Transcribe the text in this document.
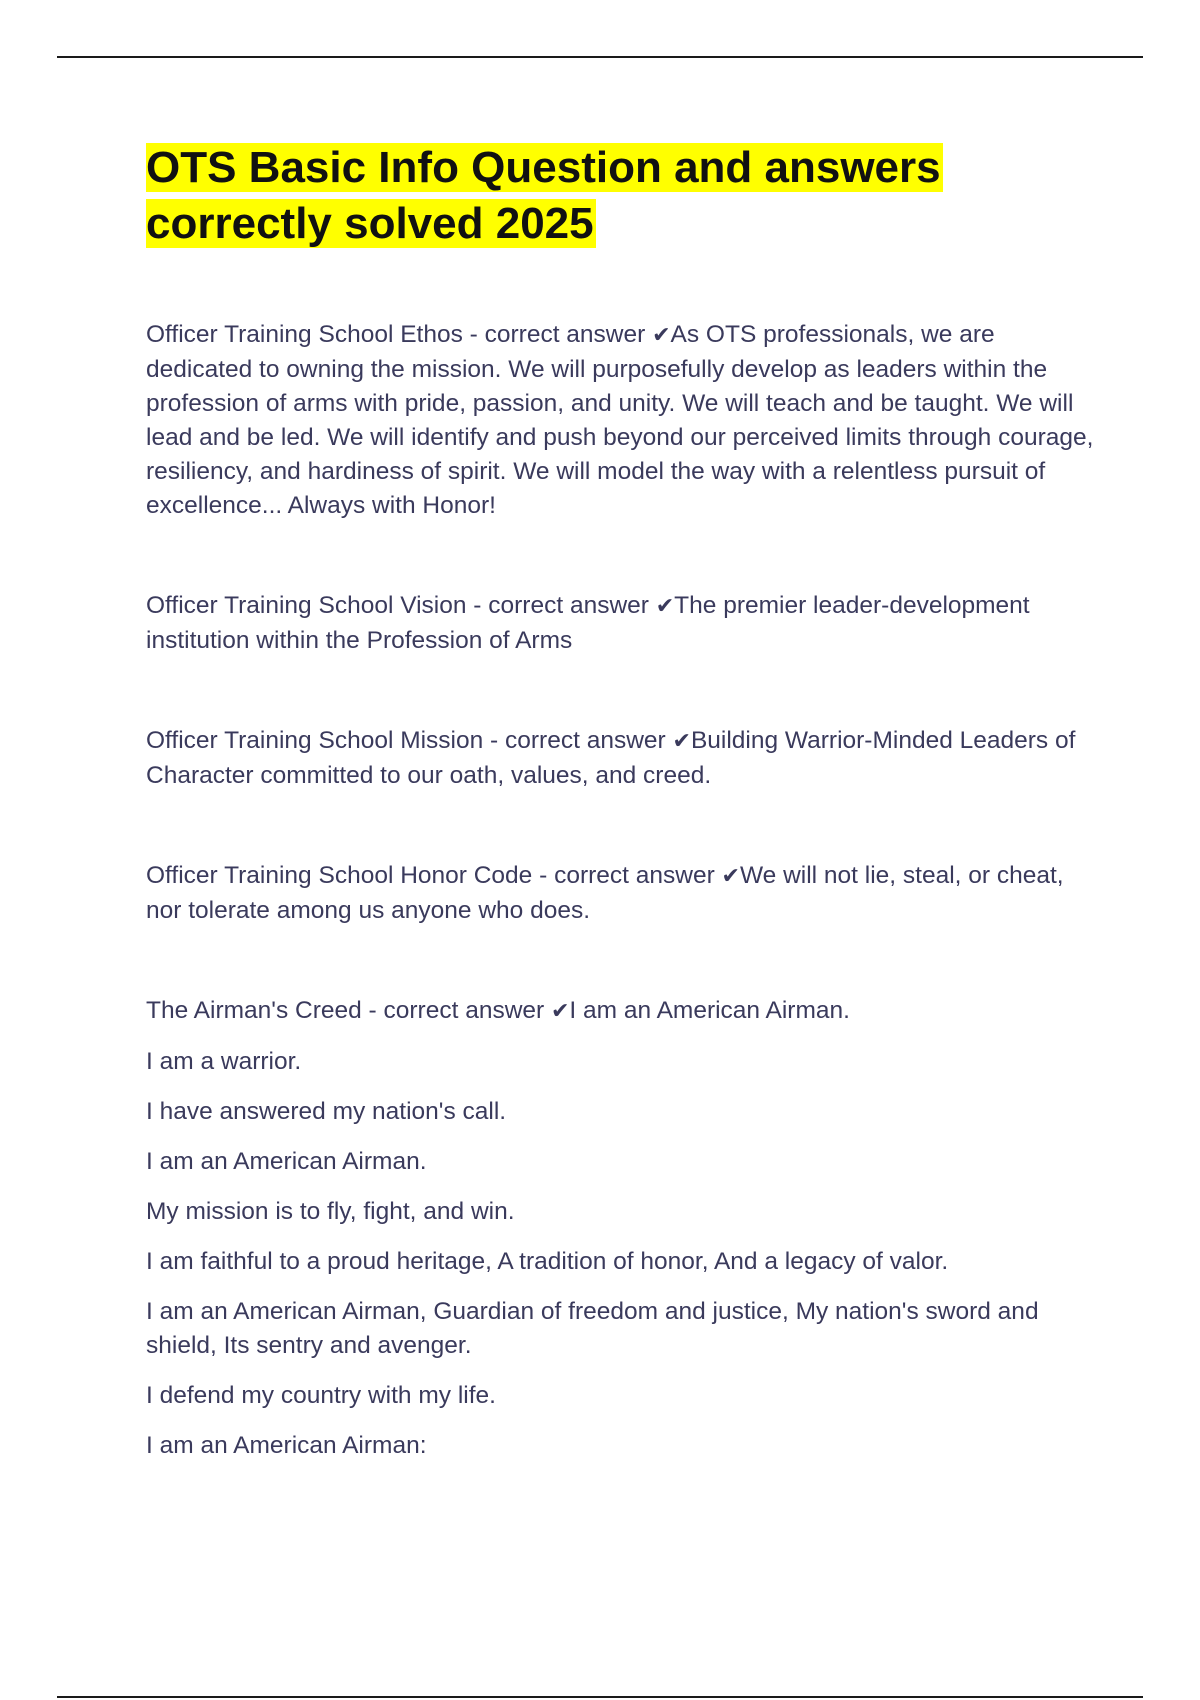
OTS Basic Info Question and answers
correctly solved 2025

Officer Training School Ethos - correct answer ✔As OTS professionals, we are dedicated to owning the mission. We will purposefully develop as leaders within the profession of arms with pride, passion, and unity. We will teach and be taught. We will lead and be led. We will identify and push beyond our perceived limits through courage, resiliency, and hardiness of spirit. We will model the way with a relentless pursuit of excellence... Always with Honor!

Officer Training School Vision - correct answer ✔The premier leader-development institution within the Profession of Arms

Officer Training School Mission - correct answer ✔Building Warrior-Minded Leaders of Character committed to our oath, values, and creed.

Officer Training School Honor Code - correct answer ✔We will not lie, steal, or cheat, nor tolerate among us anyone who does.

The Airman's Creed - correct answer ✔I am an American Airman.

I am a warrior.

I have answered my nation's call.

I am an American Airman.

My mission is to fly, fight, and win.

I am faithful to a proud heritage, A tradition of honor, And a legacy of valor.

I am an American Airman, Guardian of freedom and justice, My nation's sword and shield, Its sentry and avenger.

I defend my country with my life.

I am an American Airman:
